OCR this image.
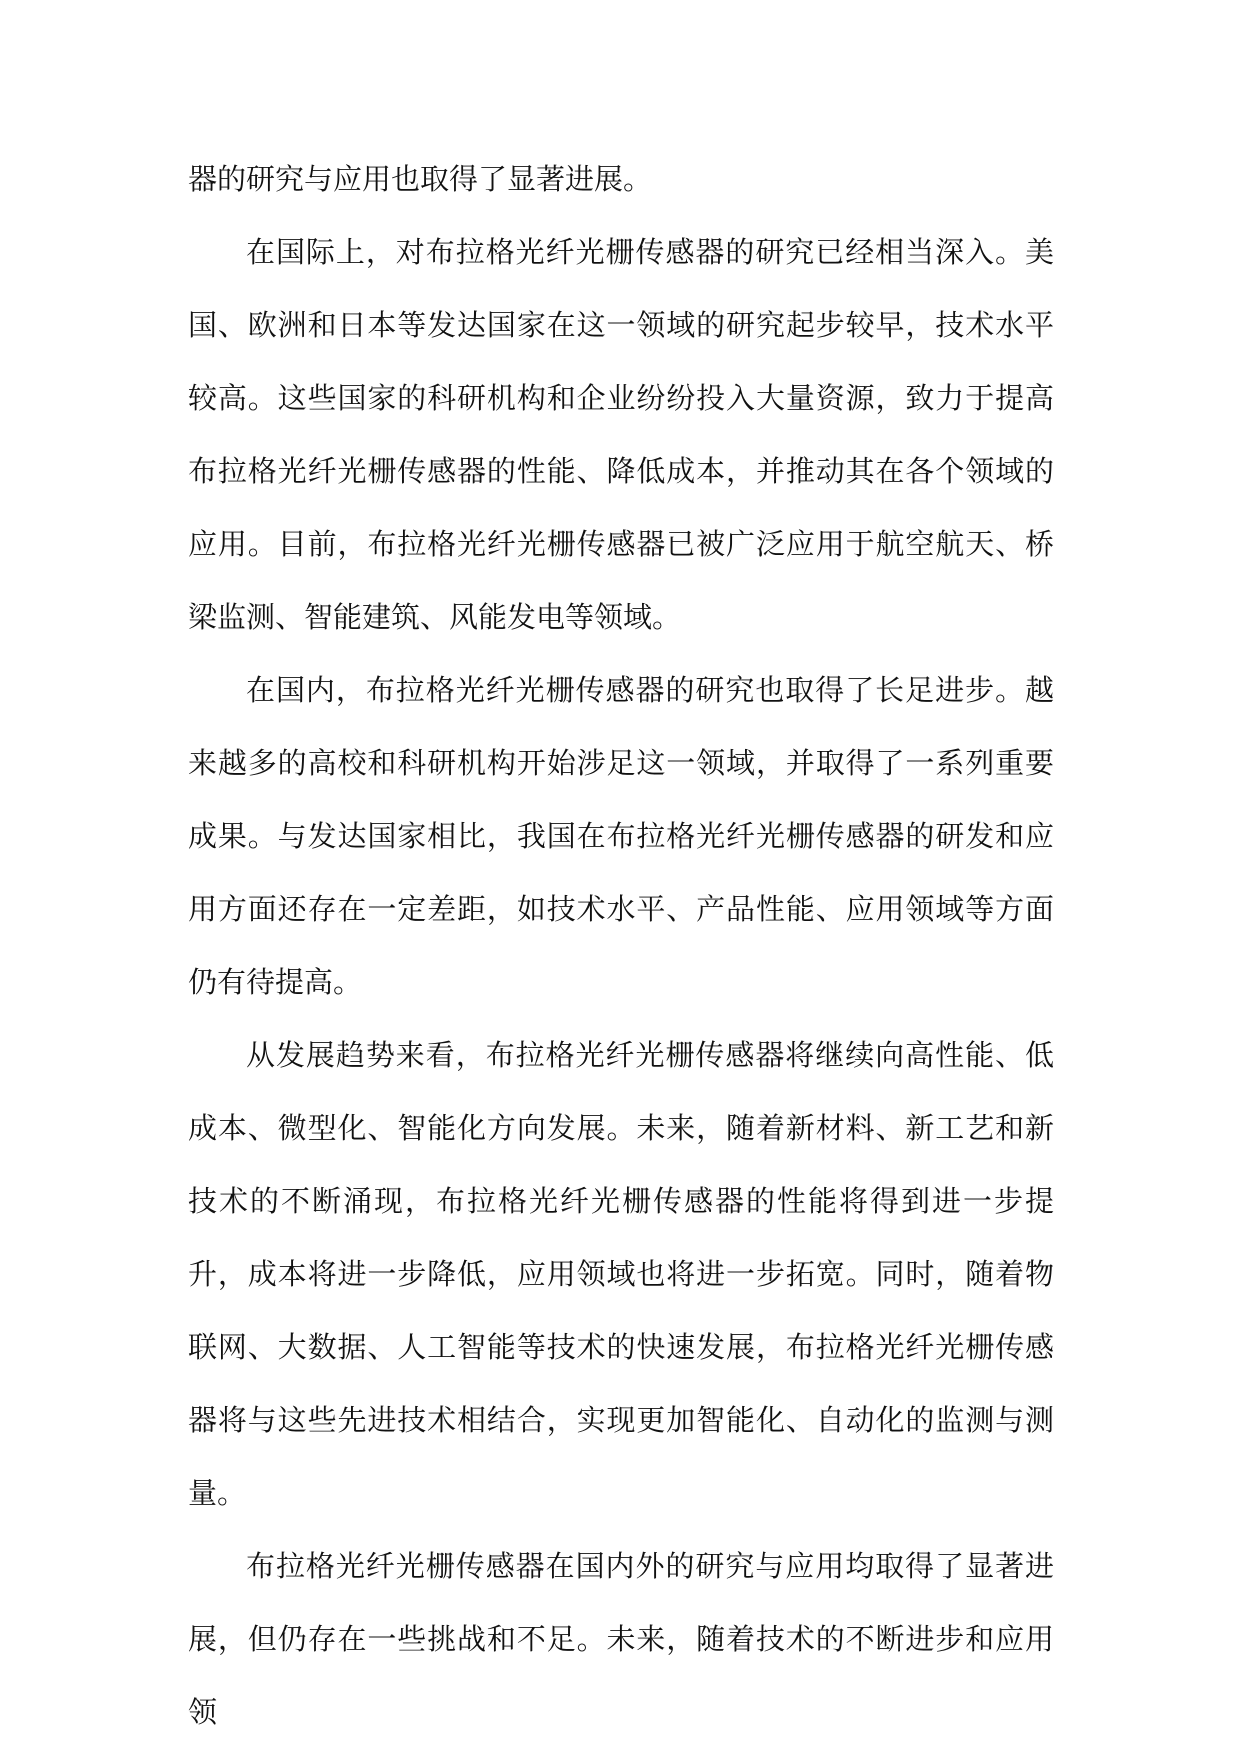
器的研究与应用也取得了显著进展。

在国际上，对布拉格光纤光栅传感器的研究已经相当深入。美国、欧洲和日本等发达国家在这一领域的研究起步较早，技术水平较高。这些国家的科研机构和企业纷纷投入大量资源，致力于提高布拉格光纤光栅传感器的性能、降低成本，并推动其在各个领域的应用。目前，布拉格光纤光栅传感器已被广泛应用于航空航天、桥梁监测、智能建筑、风能发电等领域。

在国内，布拉格光纤光栅传感器的研究也取得了长足进步。越来越多的高校和科研机构开始涉足这一领域，并取得了一系列重要成果。与发达国家相比，我国在布拉格光纤光栅传感器的研发和应用方面还存在一定差距，如技术水平、产品性能、应用领域等方面仍有待提高。

从发展趋势来看，布拉格光纤光栅传感器将继续向高性能、低成本、微型化、智能化方向发展。未来，随着新材料、新工艺和新技术的不断涌现，布拉格光纤光栅传感器的性能将得到进一步提升，成本将进一步降低，应用领域也将进一步拓宽。同时，随着物联网、大数据、人工智能等技术的快速发展，布拉格光纤光栅传感器将与这些先进技术相结合，实现更加智能化、自动化的监测与测量。

布拉格光纤光栅传感器在国内外的研究与应用均取得了显著进展，但仍存在一些挑战和不足。未来，随着技术的不断进步和应用领
